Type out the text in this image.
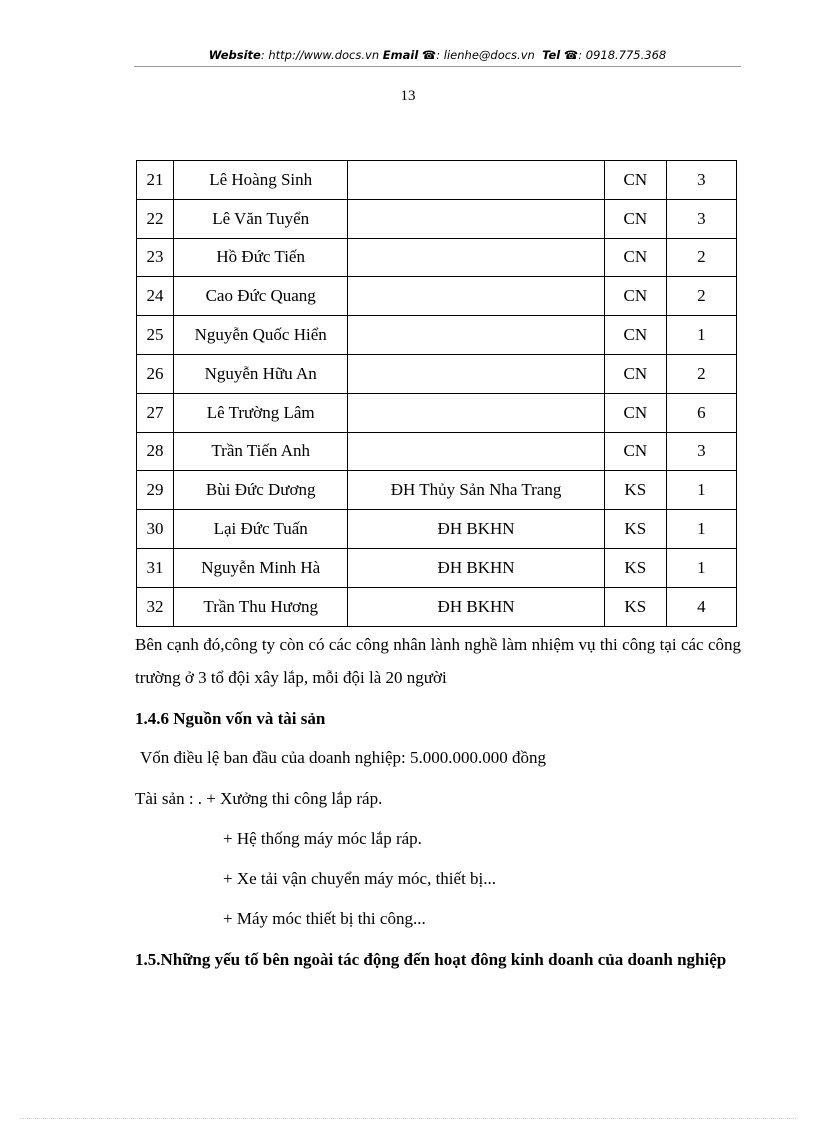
Website: http://www.docs.vn Email ☎: lienhe@docs.vn Tel ☎: 0918.775.368
13
21	Lê Hoàng Sinh		CN	3
22	Lê Văn Tuyển		CN	3
23	Hồ Đức Tiến		CN	2
24	Cao Đức Quang		CN	2
25	Nguyễn Quốc Hiển		CN	1
26	Nguyễn Hữu An		CN	2
27	Lê Trường Lâm		CN	6
28	Trần Tiến Anh		CN	3
29	Bùi Đức Dương	ĐH Thủy Sản Nha Trang	KS	1
30	Lại Đức Tuấn	ĐH BKHN	KS	1
31	Nguyễn Minh Hà	ĐH BKHN	KS	1
32	Trần Thu Hương	ĐH BKHN	KS	4
Bên cạnh đó,công ty còn có các công nhân lành nghề làm nhiệm vụ thi công tại các công trường ở 3 tổ đội xây lắp, mỗi đội là 20 người
1.4.6 Nguồn vốn và tài sản
Vốn điều lệ ban đầu của doanh nghiệp: 5.000.000.000 đồng
Tài sản : . + Xưởng thi công lắp ráp.
+ Hệ thống máy móc lắp ráp.
+ Xe tải vận chuyển máy móc, thiết bị...
+ Máy móc thiết bị thi công...
1.5.Những yếu tố bên ngoài tác động đến hoạt đông kinh doanh của doanh nghiệp
